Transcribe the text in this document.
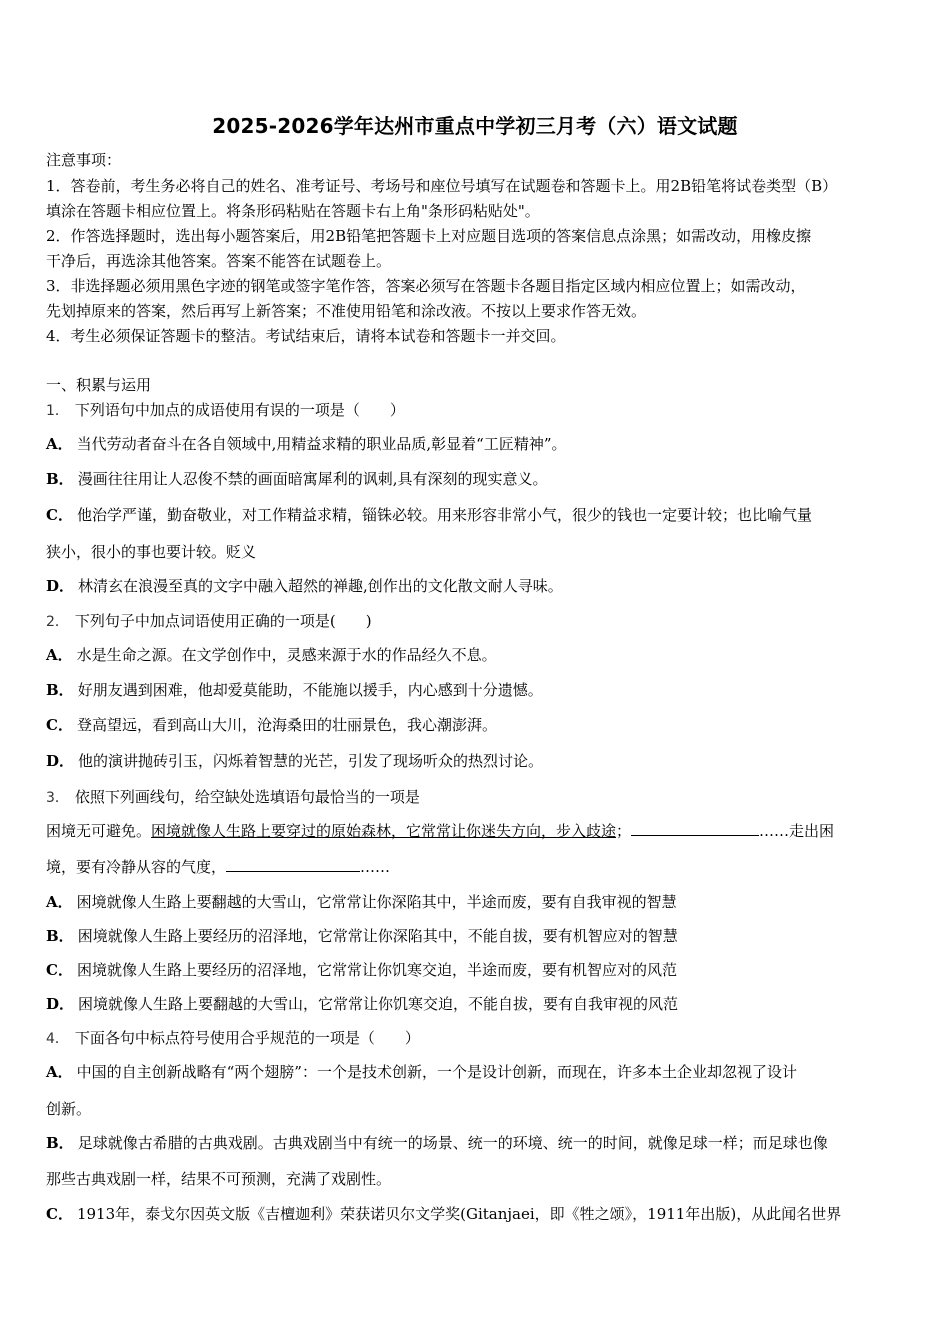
2025-2026学年达州市重点中学初三月考（六）语文试题
注意事项：
1．答卷前，考生务必将自己的姓名、准考证号、考场号和座位号填写在试题卷和答题卡上。用2B铅笔将试卷类型（B）
填涂在答题卡相应位置上。将条形码粘贴在答题卡右上角"条形码粘贴处"。
2．作答选择题时，选出每小题答案后，用2B铅笔把答题卡上对应题目选项的答案信息点涂黑；如需改动，用橡皮擦
干净后，再选涂其他答案。答案不能答在试题卷上。
3．非选择题必须用黑色字迹的钢笔或签字笔作答，答案必须写在答题卡各题目指定区域内相应位置上；如需改动，
先划掉原来的答案，然后再写上新答案；不准使用铅笔和涂改液。不按以上要求作答无效。
4．考生必须保证答题卡的整洁。考试结束后，请将本试卷和答题卡一并交回。
一、积累与运用
1． 下列语句中加点的成语使用有误的一项是（　　）
A． 当代劳动者奋斗在各自领域中,用精益求精的职业品质,彰显着“工匠精神”。
B． 漫画往往用让人忍俊不禁的画面暗寓犀利的讽刺,具有深刻的现实意义。
C． 他治学严谨，勤奋敬业，对工作精益求精，锱铢必较。用来形容非常小气，很少的钱也一定要计较；也比喻气量
狭小，很小的事也要计较。贬义
D． 林清玄在浪漫至真的文字中融入超然的禅趣,创作出的文化散文耐人寻味。
2． 下列句子中加点词语使用正确的一项是(　　)
A． 水是生命之源。在文学创作中，灵感来源于水的作品经久不息。
B． 好朋友遇到困难，他却爱莫能助，不能施以援手，内心感到十分遗憾。
C． 登高望远，看到高山大川，沧海桑田的壮丽景色，我心潮澎湃。
D． 他的演讲抛砖引玉，闪烁着智慧的光芒，引发了现场听众的热烈讨论。
3． 依照下列画线句，给空缺处选填语句最恰当的一项是
困境无可避免。困境就像人生路上要穿过的原始森林，它常常让你迷失方向，步入歧途；	……走出困
境，要有冷静从容的气度，	……
A． 困境就像人生路上要翻越的大雪山，它常常让你深陷其中，半途而废，要有自我审视的智慧
B． 困境就像人生路上要经历的沼泽地，它常常让你深陷其中，不能自拔，要有机智应对的智慧
C． 困境就像人生路上要经历的沼泽地，它常常让你饥寒交迫，半途而废，要有机智应对的风范
D． 困境就像人生路上要翻越的大雪山，它常常让你饥寒交迫，不能自拔，要有自我审视的风范
4． 下面各句中标点符号使用合乎规范的一项是（　　）
A． 中国的自主创新战略有“两个翅膀”：一个是技术创新，一个是设计创新，而现在，许多本土企业却忽视了设计
创新。
B． 足球就像古希腊的古典戏剧。古典戏剧当中有统一的场景、统一的环境、统一的时间，就像足球一样；而足球也像
那些古典戏剧一样，结果不可预测，充满了戏剧性。
C． 1913年，泰戈尔因英文版《吉檀迦利》荣获诺贝尔文学奖(Gitanjaei，即《牲之颂》，1911年出版)，从此闻名世界
